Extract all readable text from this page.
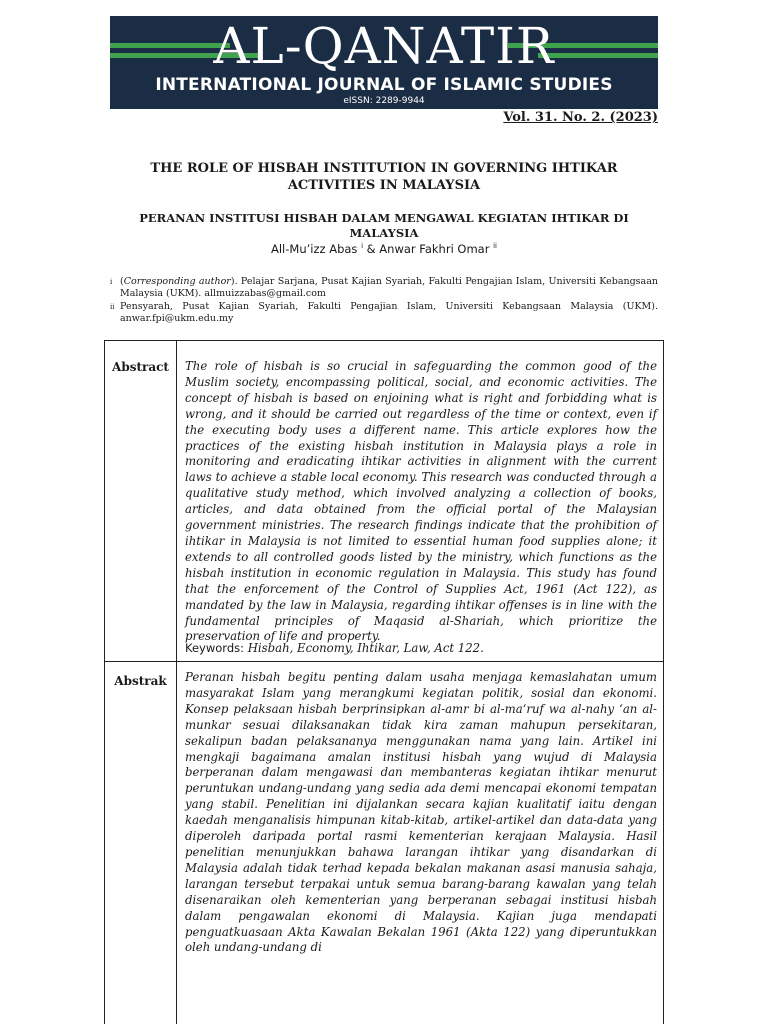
AL-QANATIR
INTERNATIONAL JOURNAL OF ISLAMIC STUDIES
eISSN: 2289-9944
Vol. 31. No. 2. (2023)
THE ROLE OF HISBAH INSTITUTION IN GOVERNING IHTIKAR ACTIVITIES IN MALAYSIA
PERANAN INSTITUSI HISBAH DALAM MENGAWAL KEGIATAN IHTIKAR DI MALAYSIA
All-Mu’izz Abas $^i$ & Anwar Fakhri Omar $^{ii}$
i (Corresponding author). Pelajar Sarjana, Pusat Kajian Syariah, Fakulti Pengajian Islam, Universiti Kebangsaan Malaysia (UKM). allmuizzabas@gmail.com
ii Pensyarah, Pusat Kajian Syariah, Fakulti Pengajian Islam, Universiti Kebangsaan Malaysia (UKM). anwar.fpi@ukm.edu.my
Abstract	The role of hisbah is so crucial in safeguarding the common good of the Muslim society, encompassing political, social, and economic activities. The concept of hisbah is based on enjoining what is right and forbidding what is wrong, and it should be carried out regardless of the time or context, even if the executing body uses a different name. This article explores how the practices of the existing hisbah institution in Malaysia plays a role in monitoring and eradicating ihtikar activities in alignment with the current laws to achieve a stable local economy. This research was conducted through a qualitative study method, which involved analyzing a collection of books, articles, and data obtained from the official portal of the Malaysian government ministries. The research findings indicate that the prohibition of ihtikar in Malaysia is not limited to essential human food supplies alone; it extends to all controlled goods listed by the ministry, which functions as the hisbah institution in economic regulation in Malaysia. This study has found that the enforcement of the Control of Supplies Act, 1961 (Act 122), as mandated by the law in Malaysia, regarding ihtikar offenses is in line with the fundamental principles of Maqasid al-Shariah, which prioritize the preservation of life and property.
Keywords: Hisbah, Economy, Ihtikar, Law, Act 122.
Abstrak	Peranan hisbah begitu penting dalam usaha menjaga kemaslahatan umum masyarakat Islam yang merangkumi kegiatan politik, sosial dan ekonomi. Konsep pelaksaan hisbah berprinsipkan al-amr bi al-ma‘ruf wa al-nahy ‘an al-munkar sesuai dilaksanakan tidak kira zaman mahupun persekitaran, sekalipun badan pelaksananya menggunakan nama yang lain. Artikel ini mengkaji bagaimana amalan institusi hisbah yang wujud di Malaysia berperanan dalam mengawasi dan membanteras kegiatan ihtikar menurut peruntukan undang-undang yang sedia ada demi mencapai ekonomi tempatan yang stabil. Penelitian ini dijalankan secara kajian kualitatif iaitu dengan kaedah menganalisis himpunan kitab-kitab, artikel-artikel dan data-data yang diperoleh daripada portal rasmi kementerian kerajaan Malaysia. Hasil penelitian menunjukkan bahawa larangan ihtikar yang disandarkan di Malaysia adalah tidak terhad kepada bekalan makanan asasi manusia sahaja, larangan tersebut terpakai untuk semua barang-barang kawalan yang telah disenaraikan oleh kementerian yang berperanan sebagai institusi hisbah dalam pengawalan ekonomi di Malaysia. Kajian juga mendapati penguatkuasaan Akta Kawalan Bekalan 1961 (Akta 122) yang diperuntukkan oleh undang-undang di
